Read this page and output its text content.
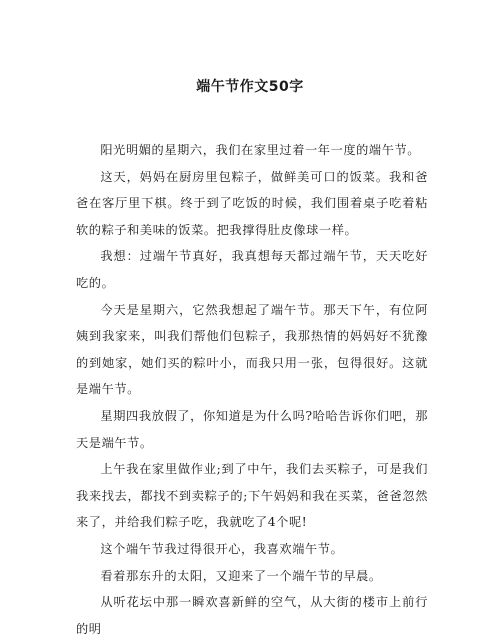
端午节作文50字

阳光明媚的星期六，我们在家里过着一年一度的端午节。

这天，妈妈在厨房里包粽子，做鲜美可口的饭菜。我和爸爸在客厅里下棋。终于到了吃饭的时候，我们围着桌子吃着粘软的粽子和美味的饭菜。把我撑得肚皮像球一样。

我想：过端午节真好，我真想每天都过端午节，天天吃好吃的。

今天是星期六，它然我想起了端午节。那天下午，有位阿姨到我家来，叫我们帮他们包粽子，我那热情的妈妈好不犹豫的到她家，她们买的粽叶小，而我只用一张，包得很好。这就是端午节。

星期四我放假了，你知道是为什么吗?哈哈告诉你们吧，那天是端午节。

上午我在家里做作业;到了中午，我们去买粽子，可是我们我来找去，都找不到卖粽子的;下午妈妈和我在买菜，爸爸忽然来了，并给我们粽子吃，我就吃了4个呢!

这个端午节我过得很开心，我喜欢端午节。

看着那东升的太阳，又迎来了一个端午节的早晨。

从听花坛中那一瞬欢喜新鲜的空气，从大街的楼市上前行的明
